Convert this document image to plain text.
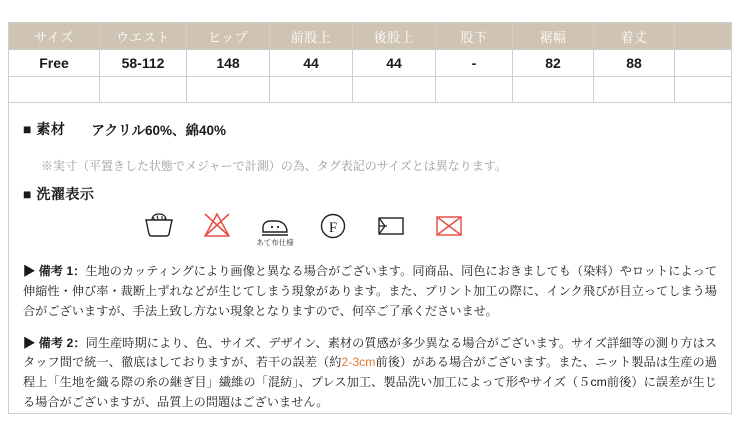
サイズ	ウエスト	ヒップ	前股上	後股上	股下	裾幅	着丈	
Free	58-112	148	44	44	-	82	88	

■ 素材 アクリル60%、綿40%
※実寸（平置きした状態でメジャーで計測）の為、タグ表記のサイズとは異なります。
■ 洗濯表示
あて布仕様
F

▶ 備考 1：生地のカッティングにより画像と異なる場合がございます。同商品、同色におきましても（染料）やロットによって伸縮性・伸び率・裁断上ずれなどが生じてしまう現象があります。また、プリント加工の際に、インク飛びが目立ってしまう場合がございますが、手法上致し方ない現象となりますので、何卒ご了承くださいませ。

▶ 備考 2：同生産時期により、色、サイズ、デザイン、素材の質感が多少異なる場合がございます。サイズ詳細等の測り方はスタッフ間で統一、徹底はしておりますが、若干の誤差（約2-3cm前後）がある場合がございます。また、ニット製品は生産の過程上「生地を織る際の糸の継ぎ目」繊維の「混紡」、プレス加工、製品洗い加工によって形やサイズ（５cm前後）に誤差が生じる場合がございますが、品質上の問題はございません。
